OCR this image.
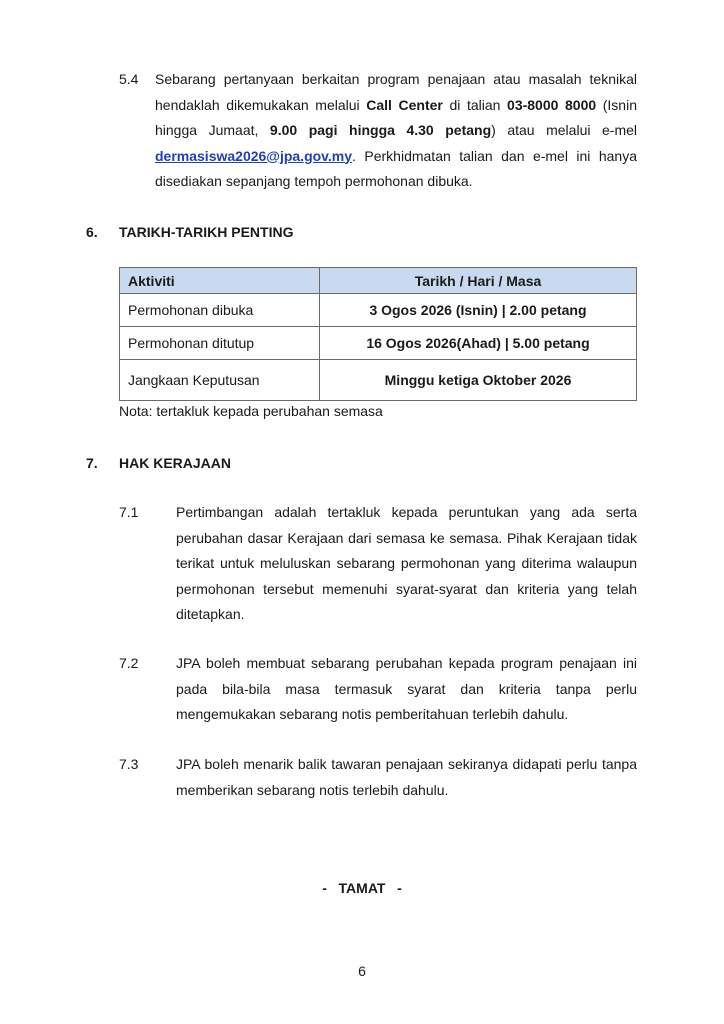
5.4 Sebarang pertanyaan berkaitan program penajaan atau masalah teknikal hendaklah dikemukakan melalui Call Center di talian 03-8000 8000 (Isnin hingga Jumaat, 9.00 pagi hingga 4.30 petang) atau melalui e-mel dermasiswa2026@jpa.gov.my. Perkhidmatan talian dan e-mel ini hanya disediakan sepanjang tempoh permohonan dibuka.
6. TARIKH-TARIKH PENTING
Aktiviti	Tarikh / Hari / Masa
Permohonan dibuka	3 Ogos 2026 (Isnin) | 2.00 petang
Permohonan ditutup	16 Ogos 2026(Ahad) | 5.00 petang
Jangkaan Keputusan	Minggu ketiga Oktober 2026
Nota: tertakluk kepada perubahan semasa
7. HAK KERAJAAN
7.1	Pertimbangan adalah tertakluk kepada peruntukan yang ada serta perubahan dasar Kerajaan dari semasa ke semasa. Pihak Kerajaan tidak terikat untuk meluluskan sebarang permohonan yang diterima walaupun permohonan tersebut memenuhi syarat-syarat dan kriteria yang telah ditetapkan.
7.2	JPA boleh membuat sebarang perubahan kepada program penajaan ini pada bila-bila masa termasuk syarat dan kriteria tanpa perlu mengemukakan sebarang notis pemberitahuan terlebih dahulu.
7.3	JPA boleh menarik balik tawaran penajaan sekiranya didapati perlu tanpa memberikan sebarang notis terlebih dahulu.
-   TAMAT   -
6
